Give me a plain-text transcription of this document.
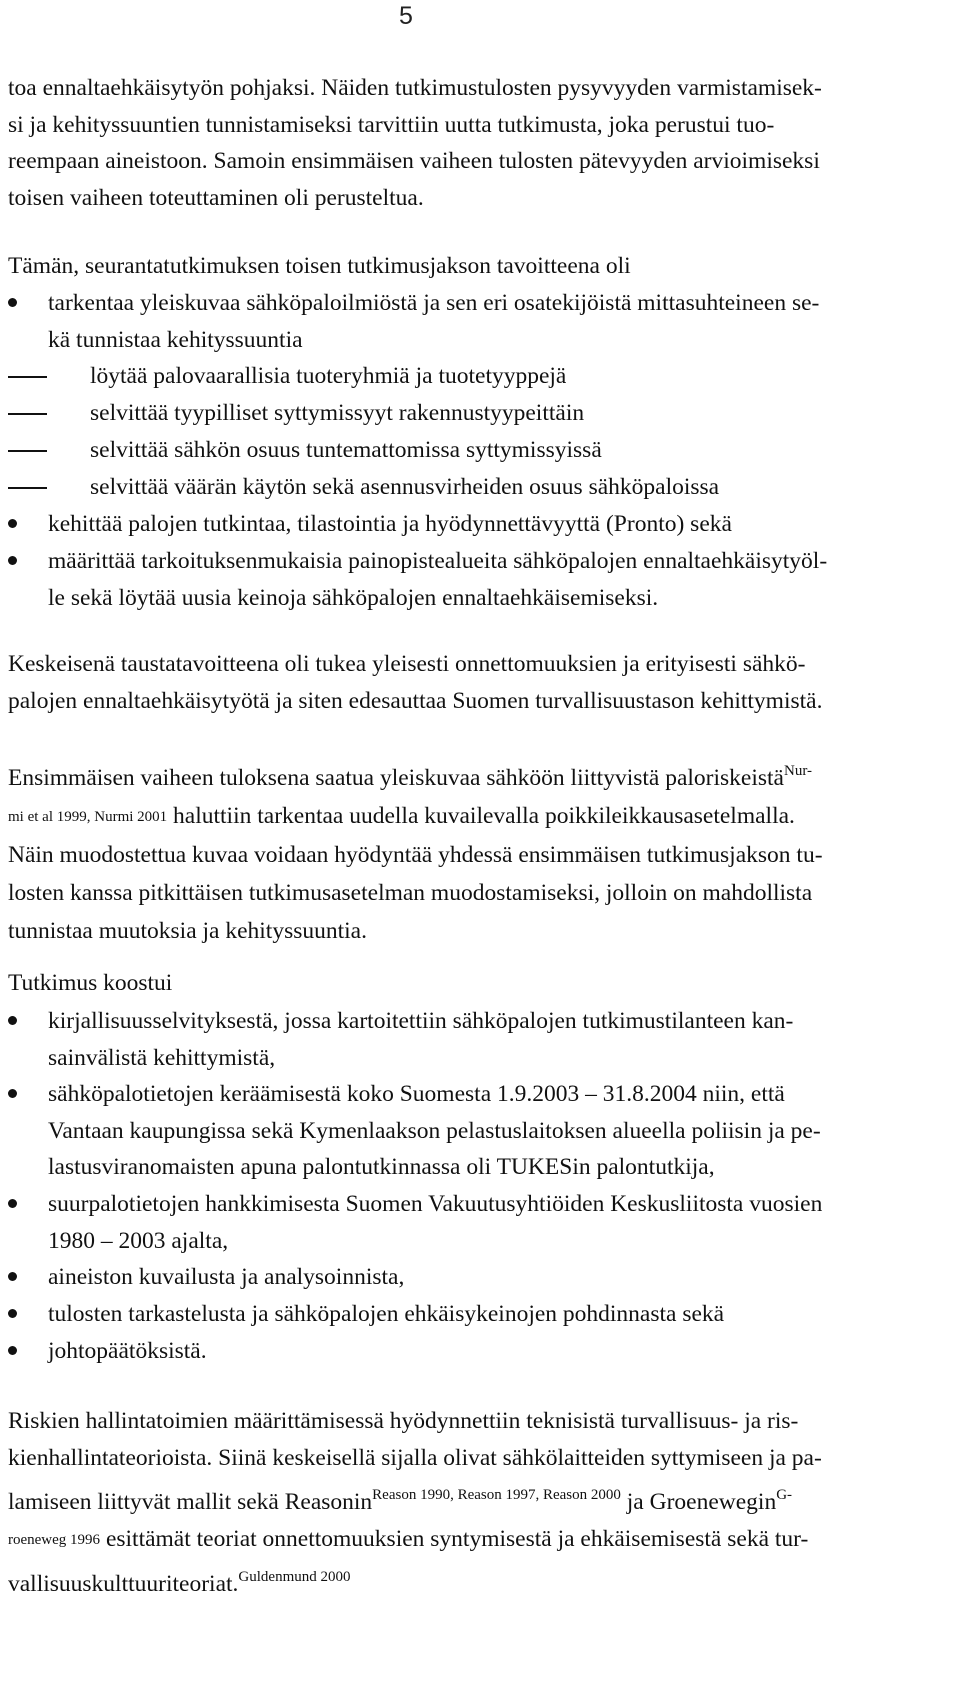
5
toa ennaltaehkäisytyön pohjaksi. Näiden tutkimustulosten pysyvyyden varmistamisek-
si ja kehityssuuntien tunnistamiseksi tarvittiin uutta tutkimusta, joka perustui tuo-
reempaan aineistoon. Samoin ensimmäisen vaiheen tulosten pätevyyden arvioimiseksi
toisen vaiheen toteuttaminen oli perusteltua.
Tämän, seurantatutkimuksen toisen tutkimusjakson tavoitteena oli
tarkentaa yleiskuvaa sähköpaloilmiöstä ja sen eri osatekijöistä mittasuhteineen se-
kä tunnistaa kehityssuuntia
löytää palovaarallisia tuoteryhmiä ja tuotetyyppejä
selvittää tyypilliset syttymissyyt rakennustyypeittäin
selvittää sähkön osuus tuntemattomissa syttymissyissä
selvittää väärän käytön sekä asennusvirheiden osuus sähköpaloissa
kehittää palojen tutkintaa, tilastointia ja hyödynnettävyyttä (Pronto) sekä
määrittää tarkoituksenmukaisia painopistealueita sähköpalojen ennaltaehkäisytyöl-
le sekä löytää uusia keinoja sähköpalojen ennaltaehkäisemiseksi.
Keskeisenä taustatavoitteena oli tukea yleisesti onnettomuuksien ja erityisesti sähkö-
palojen ennaltaehkäisytyötä ja siten edesauttaa Suomen turvallisuustason kehittymistä.
Ensimmäisen vaiheen tuloksena saatua yleiskuvaa sähköön liittyvistä paloriskeistä$^{Nur-}$
mi et al 1999, Nurmi 2001 haluttiin tarkentaa uudella kuvailevalla poikkileikkausasetelmalla.
Näin muodostettua kuvaa voidaan hyödyntää yhdessä ensimmäisen tutkimusjakson tu-
losten kanssa pitkittäisen tutkimusasetelman muodostamiseksi, jolloin on mahdollista
tunnistaa muutoksia ja kehityssuuntia.
Tutkimus koostui
kirjallisuusselvityksestä, jossa kartoitettiin sähköpalojen tutkimustilanteen kan-
sainvälistä kehittymistä,
sähköpalotietojen keräämisestä koko Suomesta 1.9.2003 – 31.8.2004 niin, että
Vantaan kaupungissa sekä Kymenlaakson pelastuslaitoksen alueella poliisin ja pe-
lastusviranomaisten apuna palontutkinnassa oli TUKESin palontutkija,
suurpalotietojen hankkimisesta Suomen Vakuutusyhtiöiden Keskusliitosta vuosien
1980 – 2003 ajalta,
aineiston kuvailusta ja analysoinnista,
tulosten tarkastelusta ja sähköpalojen ehkäisykeinojen pohdinnasta sekä
johtopäätöksistä.
Riskien hallintatoimien määrittämisessä hyödynnettiin teknisistä turvallisuus- ja ris-
kienhallintateorioista. Siinä keskeisellä sijalla olivat sähkölaitteiden syttymiseen ja pa-
lamiseen liittyvät mallit sekä Reasonin$^{Reason 1990, Reason 1997, Reason 2000}$ ja Groenewegin$^{G-}$
roeneweg 1996 esittämät teoriat onnettomuuksien syntymisestä ja ehkäisemisestä sekä tur-
vallisuuskulttuuriteoriat.$^{Guldenmund 2000}$
